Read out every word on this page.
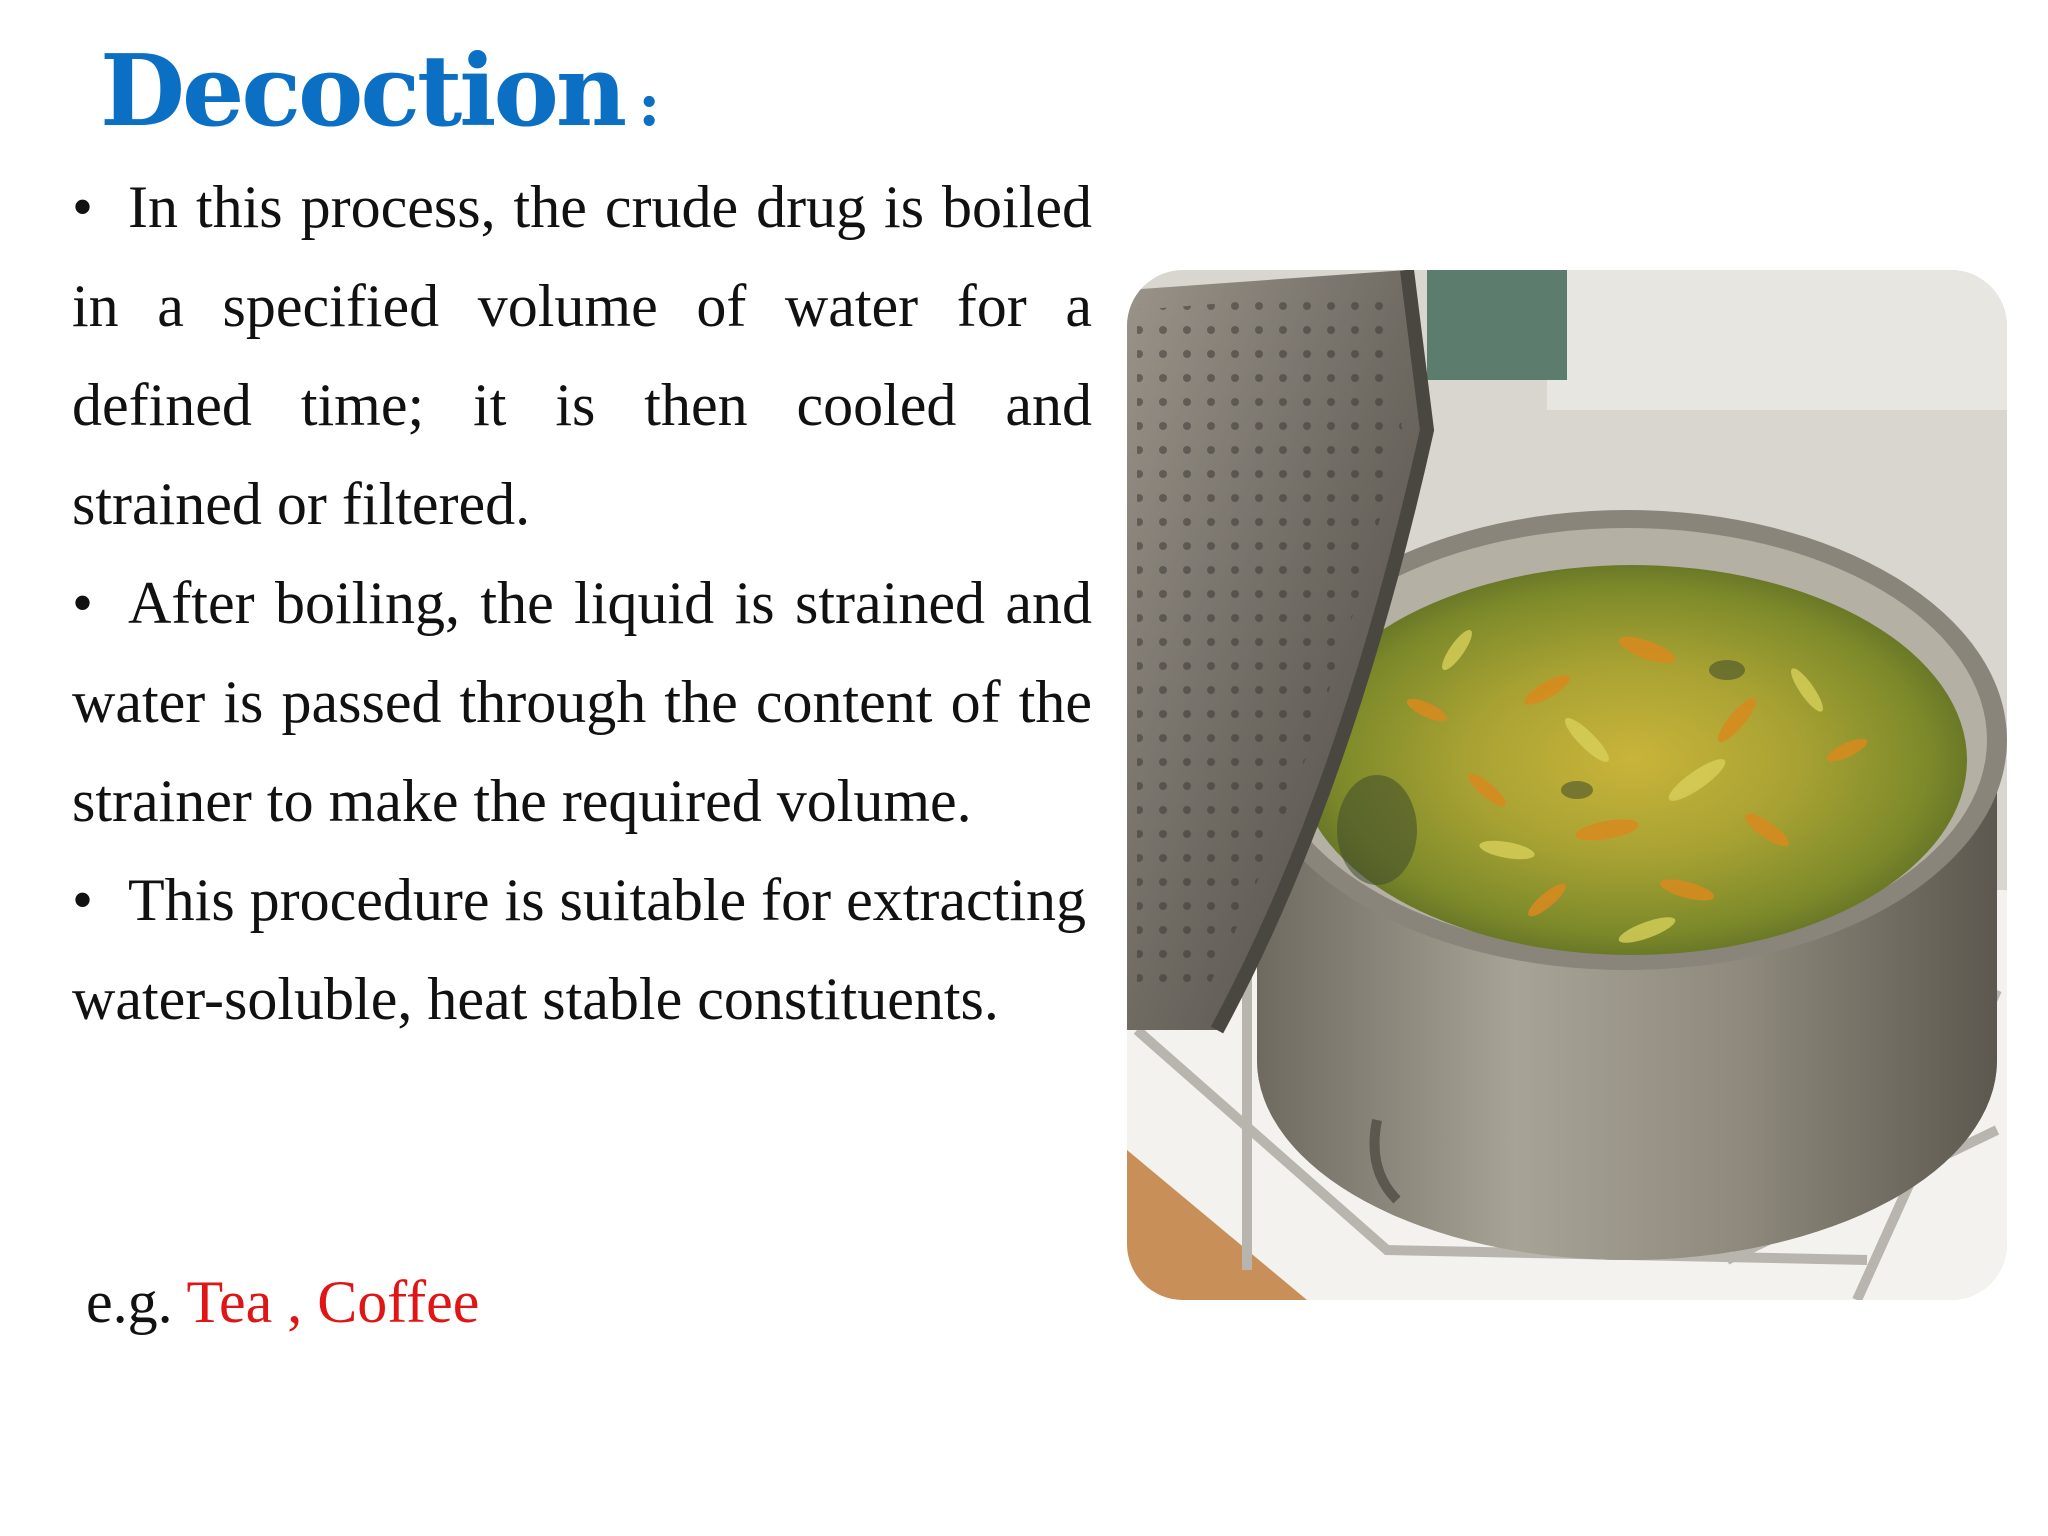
Decoction :

• In this process, the crude drug is boiled in a specified volume of water for a defined time; it is then cooled and strained or filtered.

• After boiling, the liquid is strained and water is passed through the content of the strainer to make the required volume.

• This procedure is suitable for extracting water-soluble, heat stable constituents.

e.g. Tea , Coffee
